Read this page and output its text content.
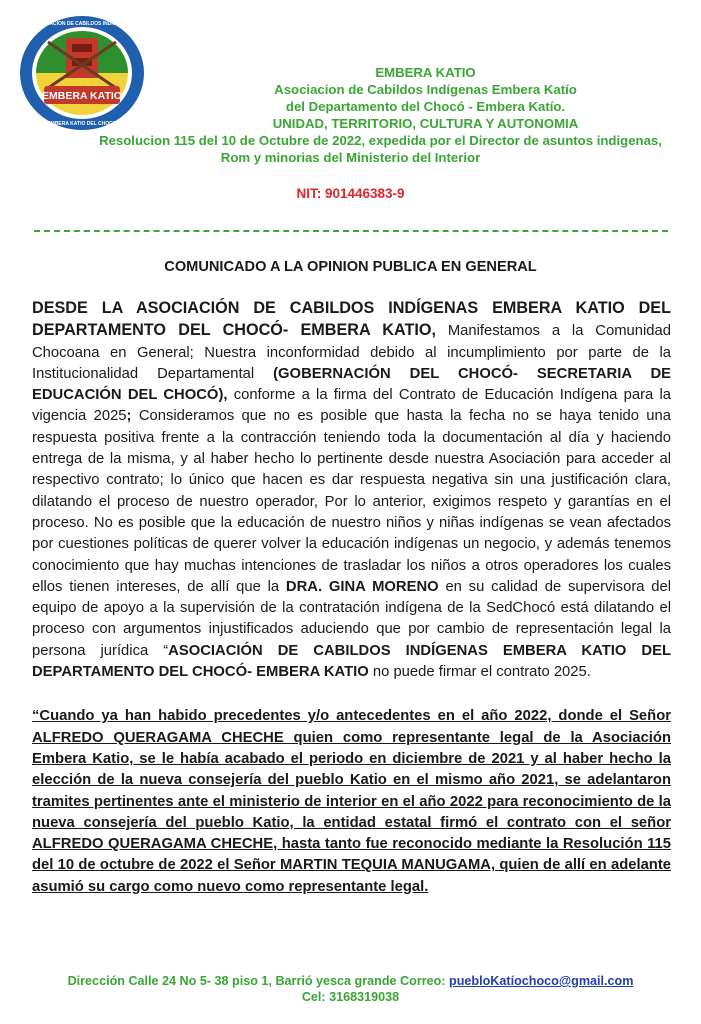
EMBERA KATIO
ASOCIACION DE CABILDOS INDIGENAS
EMBERA KATIO DEL CHOCO
EMBERA KATIO
Asociacion de Cabildos Indígenas Embera Katío
del Departamento del Chocó - Embera Katío.
UNIDAD, TERRITORIO, CULTURA Y AUTONOMIA
Resolucion 115 del 10 de Octubre de 2022, expedida por el Director de asuntos indigenas,
Rom y minorias del Ministerio del Interior
NIT: 901446383-9
COMUNICADO A LA OPINION PUBLICA EN GENERAL

DESDE LA ASOCIACIÓN DE CABILDOS INDÍGENAS EMBERA KATIO DEL DEPARTAMENTO DEL CHOCÓ- EMBERA KATIO, Manifestamos a la Comunidad Chocoana en General; Nuestra inconformidad debido al incumplimiento por parte de la Institucionalidad Departamental (GOBERNACIÓN DEL CHOCÓ- SECRETARIA DE EDUCACIÓN DEL CHOCÓ), conforme a la firma del Contrato de Educación Indígena para la vigencia 2025; Consideramos que no es posible que hasta la fecha no se haya tenido una respuesta positiva frente a la contracción teniendo toda la documentación al día y haciendo entrega de la misma, y al haber hecho lo pertinente desde nuestra Asociación para acceder al respectivo contrato; lo único que hacen es dar respuesta negativa sin una justificación clara, dilatando el proceso de nuestro operador, Por lo anterior, exigimos respeto y garantías en el proceso. No es posible que la educación de nuestro niños y niñas indígenas se vean afectados por cuestiones políticas de querer volver la educación indígenas un negocio, y además tenemos conocimiento que hay muchas intenciones de trasladar los niños a otros operadores los cuales ellos tienen intereses, de allí que la DRA. GINA MORENO en su calidad de supervisora del equipo de apoyo a la supervisión de la contratación indígena de la SedChocó está dilatando el proceso con argumentos injustificados aduciendo que por cambio de representación legal la persona jurídica “ASOCIACIÓN DE CABILDOS INDÍGENAS EMBERA KATIO DEL DEPARTAMENTO DEL CHOCÓ- EMBERA KATIO no puede firmar el contrato 2025.

“Cuando ya han habido precedentes y/o antecedentes en el año 2022, donde el Señor ALFREDO QUERAGAMA CHECHE quien como representante legal de la Asociación Embera Katio, se le había acabado el periodo en diciembre de 2021 y al haber hecho la elección de la nueva consejería del pueblo Katio en el mismo año 2021, se adelantaron tramites pertinentes ante el ministerio de interior en el año 2022 para reconocimiento de la nueva consejería del pueblo Katio, la entidad estatal firmó el contrato con el señor ALFREDO QUERAGAMA CHECHE, hasta tanto fue reconocido mediante la Resolución 115 del 10 de octubre de 2022 el Señor MARTIN TEQUIA MANUGAMA, quien de allí en adelante asumió su cargo como nuevo como representante legal.

Dirección Calle 24 No 5- 38 piso 1, Barrió yesca grande Correo: puebloKatíochoco@gmail.com
Cel: 3168319038
